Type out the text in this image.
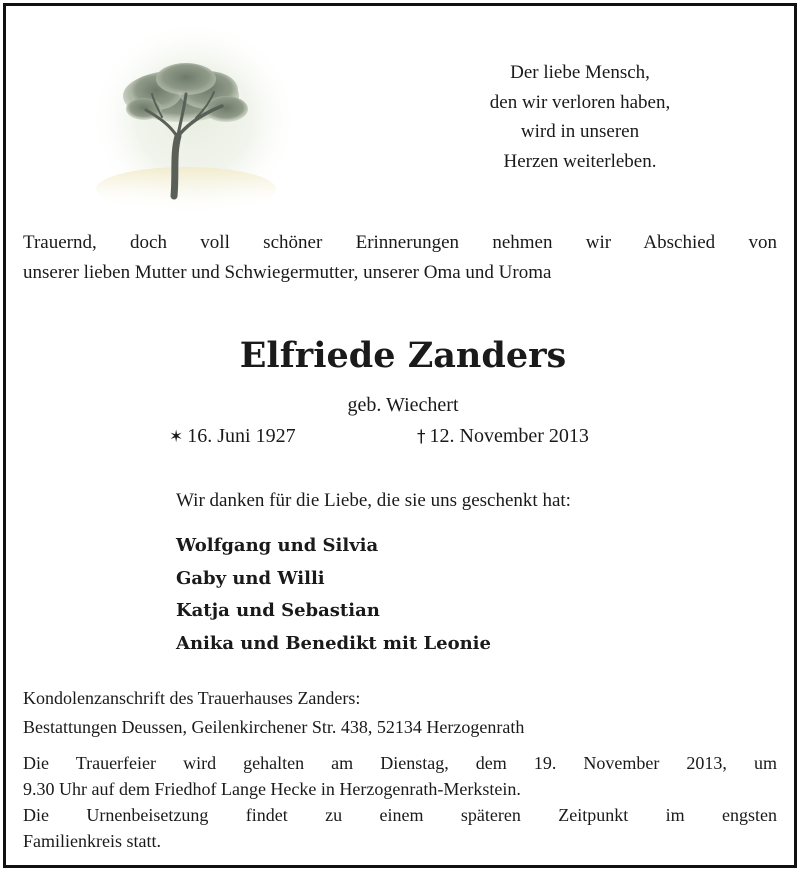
Der liebe Mensch,
den wir verloren haben,
wird in unseren
Herzen weiterleben.
Trauernd, doch voll schöner Erinnerungen nehmen wir Abschied von
unserer lieben Mutter und Schwiegermutter, unserer Oma und Uroma
Elfriede Zanders
geb. Wiechert
✶ 16. Juni 1927	† 12. November 2013
Wir danken für die Liebe, die sie uns geschenkt hat:
Wolfgang und Silvia
Gaby und Willi
Katja und Sebastian
Anika und Benedikt mit Leonie
Kondolenzanschrift des Trauerhauses Zanders:
Bestattungen Deussen, Geilenkirchener Str. 438, 52134 Herzogenrath
Die Trauerfeier wird gehalten am Dienstag, dem 19. November 2013, um
9.30 Uhr auf dem Friedhof Lange Hecke in Herzogenrath-Merkstein.
Die Urnenbeisetzung findet zu einem späteren Zeitpunkt im engsten
Familienkreis statt.
